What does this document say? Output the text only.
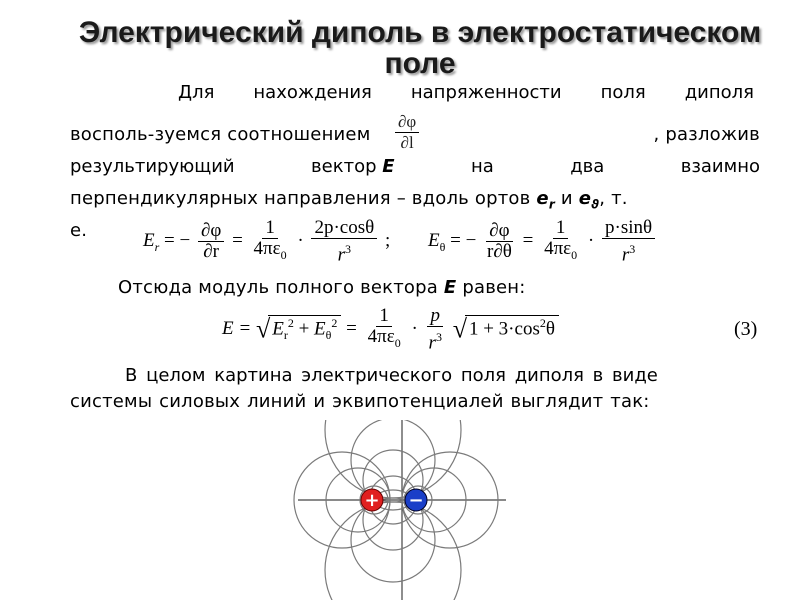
Электрический диполь в электростатическом
поле
Для нахождения напряженности поля диполя
восполь-зуемся соотношением $\frac{\partial\varphi}{\partial l}$	, разложив
результирующий	вектор E	на	два	взаимно
перпендикулярных направления – вдоль ортов $e_r$ и $e_ϑ$, т.
е.	$E_r$ = − $\frac{\partial\varphi}{\partial r} = \frac{1}{4\pi\varepsilon_0} \cdot \frac{2p\cdot\cos\theta}{r^3}$ ; $E_\theta$ = − $\frac{\partial\varphi}{r\partial\theta} = \frac{1}{4\pi\varepsilon_0} \cdot \frac{p\cdot\sin\theta}{r^3}$
Отсюда модуль полного вектора E равен:
E = √ $E_r^2 + E_\theta^2 = \frac{1}{4\pi\varepsilon_0} \cdot \frac{p}{r^3}$ √ $1 + 3\cdot\cos^2\theta$	(3)
В целом картина электрического поля диполя в виде
системы силовых линий и эквипотенциалей выглядит так:
+ −
